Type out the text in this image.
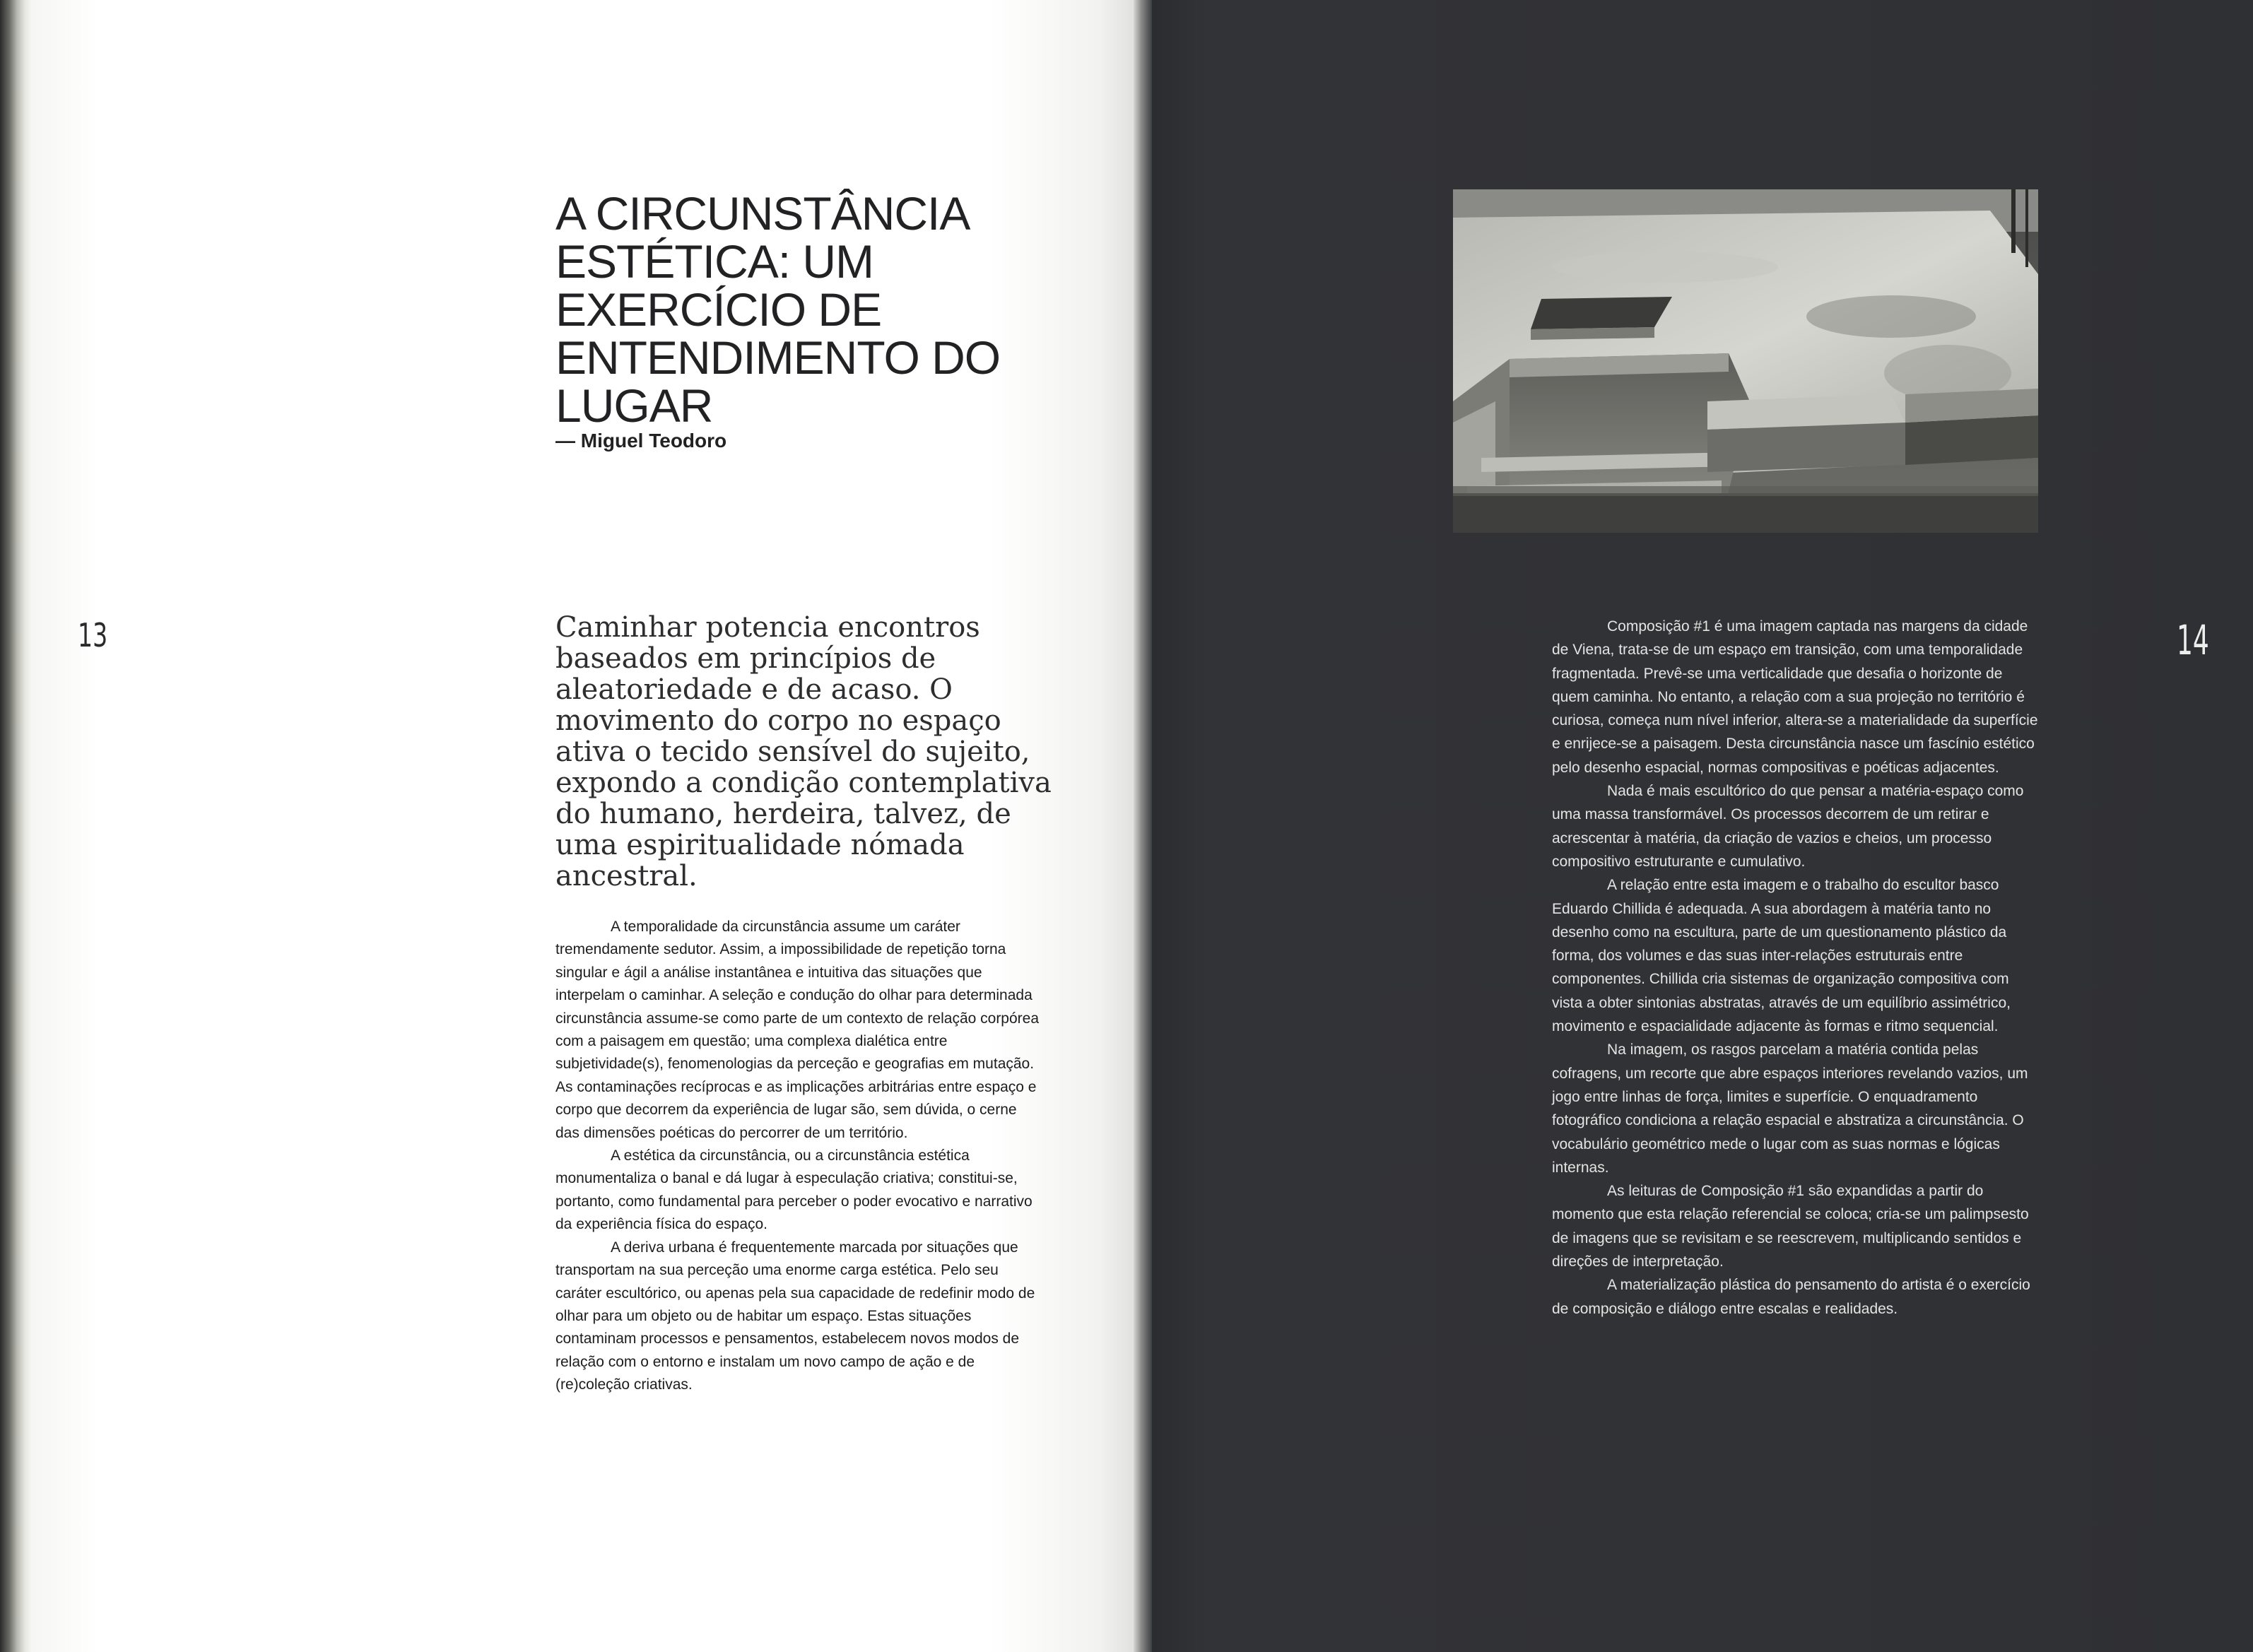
A CIRCUNSTÂNCIA
ESTÉTICA: UM
EXERCÍCIO DE
ENTENDIMENTO DO
LUGAR
— Miguel Teodoro
13	Caminhar potencia encontros baseados em princípios de aleatoriedade e de acaso. O movimento do corpo no espaço ativa o tecido sensível do sujeito, expondo a condição contemplativa do humano, herdeira, talvez, de uma espiritualidade nómada ancestral.

A temporalidade da circunstância assume um caráter tremendamente sedutor. Assim, a impossibilidade de repetição torna singular e ágil a análise instantânea e intuitiva das situações que interpelam o caminhar. A seleção e condução do olhar para determinada circunstância assume-se como parte de um contexto de relação corpórea com a paisagem em questão; uma complexa dialética entre subjetividade(s), fenomenologias da perceção e geografias em mutação. As contaminações recíprocas e as implicações arbitrárias entre espaço e corpo que decorrem da experiência de lugar são, sem dúvida, o cerne das dimensões poéticas do percorrer de um território.

A estética da circunstância, ou a circunstância estética monumentaliza o banal e dá lugar à especulação criativa; constitui-se, portanto, como fundamental para perceber o poder evocativo e narrativo da experiência física do espaço.

A deriva urbana é frequentemente marcada por situações que transportam na sua perceção uma enorme carga estética. Pelo seu caráter escultórico, ou apenas pela sua capacidade de redefinir modo de olhar para um objeto ou de habitar um espaço. Estas situações contaminam processos e pensamentos, estabelecem novos modos de relação com o entorno e instalam um novo campo de ação e de (re)coleção criativas.

Composição #1 é uma imagem captada nas margens da cidade de Viena, trata-se de um espaço em transição, com uma temporalidade fragmentada. Prevê-se uma verticalidade que desafia o horizonte de quem caminha. No entanto, a relação com a sua projeção no território é curiosa, começa num nível inferior, altera-se a materialidade da superfície e enrijece-se a paisagem. Desta circunstância nasce um fascínio estético pelo desenho espacial, normas compositivas e poéticas adjacentes.

Nada é mais escultórico do que pensar a matéria-espaço como uma massa transformável. Os processos decorrem de um retirar e acrescentar à matéria, da criação de vazios e cheios, um processo compositivo estruturante e cumulativo.

A relação entre esta imagem e o trabalho do escultor basco Eduardo Chillida é adequada. A sua abordagem à matéria tanto no desenho como na escultura, parte de um questionamento plástico da forma, dos volumes e das suas inter-relações estruturais entre componentes. Chillida cria sistemas de organização compositiva com vista a obter sintonias abstratas, através de um equilíbrio assimétrico, movimento e espacialidade adjacente às formas e ritmo sequencial.

Na imagem, os rasgos parcelam a matéria contida pelas cofragens, um recorte que abre espaços interiores revelando vazios, um jogo entre linhas de força, limites e superfície. O enquadramento fotográfico condiciona a relação espacial e abstratiza a circunstância. O vocabulário geométrico mede o lugar com as suas normas e lógicas internas.

As leituras de Composição #1 são expandidas a partir do momento que esta relação referencial se coloca; cria-se um palimpsesto de imagens que se revisitam e se reescrevem, multiplicando sentidos e direções de interpretação.

A materialização plástica do pensamento do artista é o exercício de composição e diálogo entre escalas e realidades.

14
